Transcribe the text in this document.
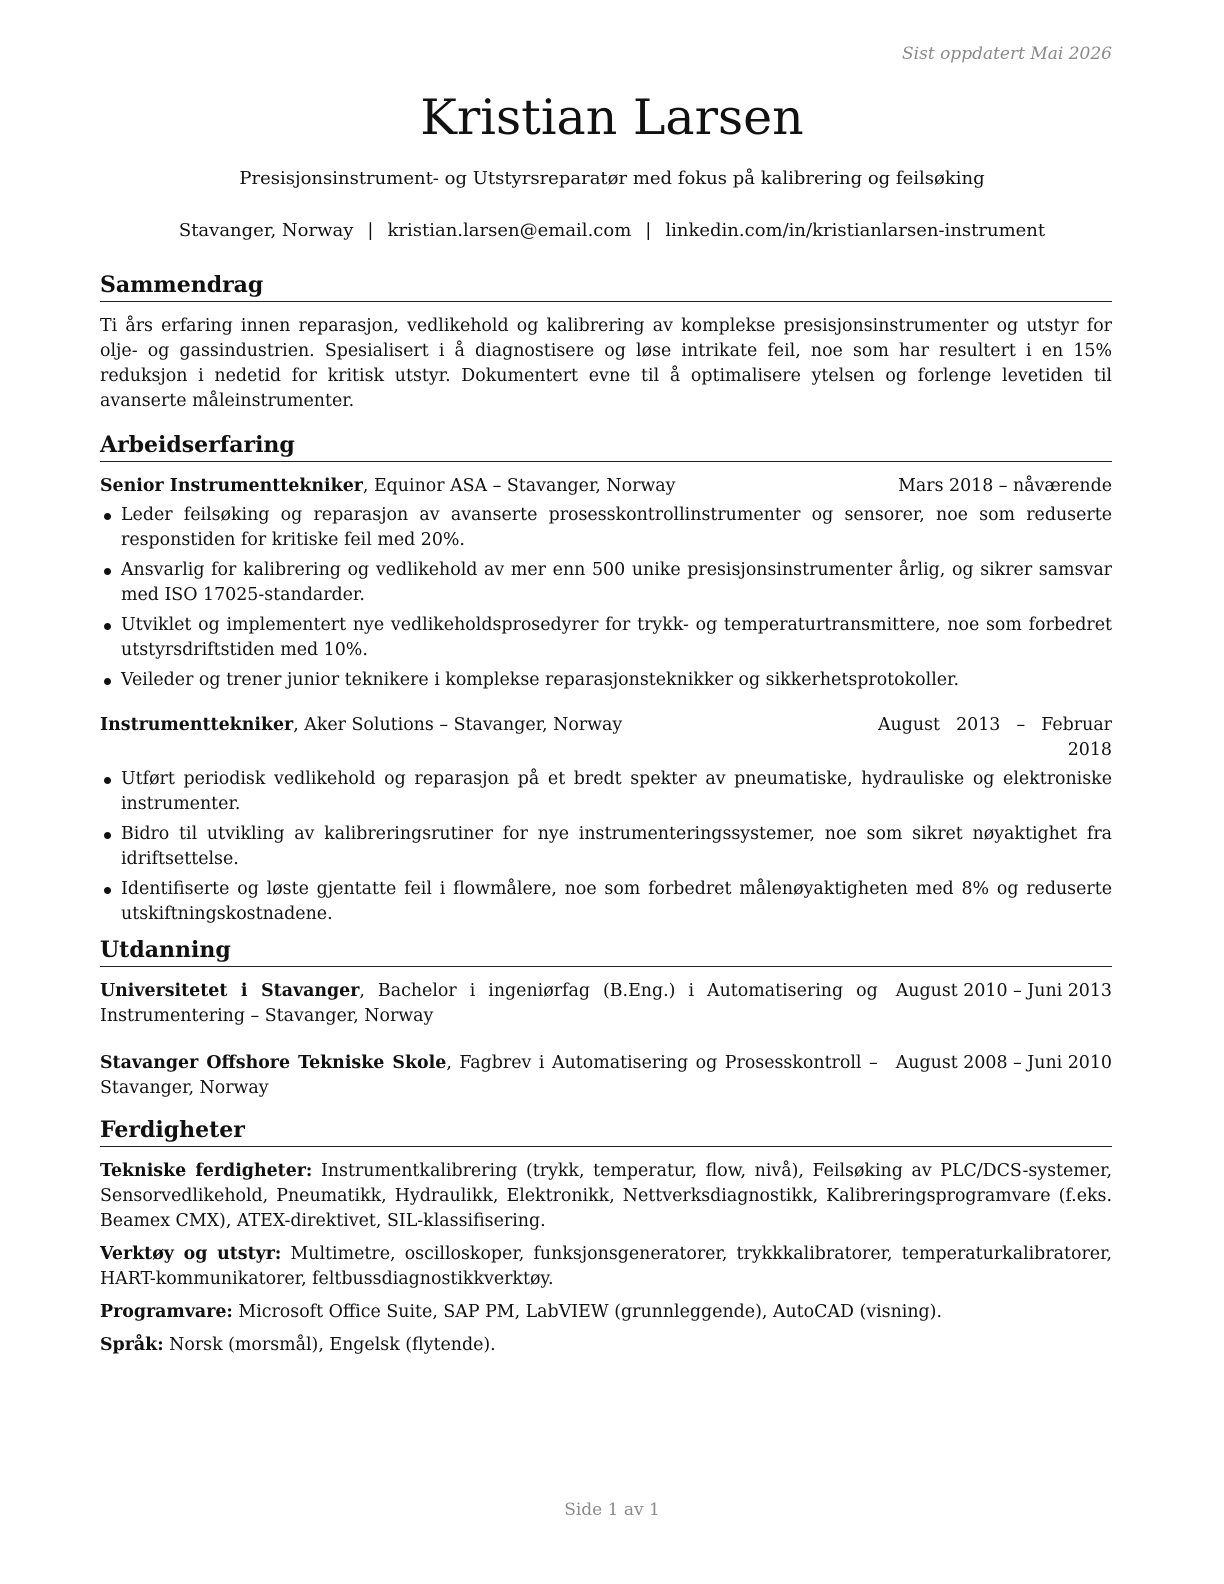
Sist oppdatert Mai 2026
Kristian Larsen
Presisjonsinstrument- og Utstyrsreparatør med fokus på kalibrering og feilsøking
Stavanger, Norway | kristian.larsen@email.com | linkedin.com/in/kristianlarsen-instrument
Sammendrag

Ti års erfaring innen reparasjon, vedlikehold og kalibrering av komplekse presisjonsinstrumenter og utstyr for olje- og gassindustrien. Spesialisert i å diagnostisere og løse intrikate feil, noe som har resultert i en 15% reduksjon i nedetid for kritisk utstyr. Dokumentert evne til å optimalisere ytelsen og forlenge levetiden til avanserte måleinstrumenter.

Arbeidserfaring
Senior Instrumenttekniker, Equinor ASA – Stavanger, Norway	Mars 2018 – nåværende
Leder feilsøking og reparasjon av avanserte prosesskontrollinstrumenter og sensorer, noe som reduserte responstiden for kritiske feil med 20%.
Ansvarlig for kalibrering og vedlikehold av mer enn 500 unike presisjonsinstrumenter årlig, og sikrer samsvar med ISO 17025-standarder.
Utviklet og implementert nye vedlikeholdsprosedyrer for trykk- og temperaturtransmittere, noe som forbedret utstyrsdriftstiden med 10%.
Veileder og trener junior teknikere i komplekse reparasjonsteknikker og sikkerhetsprotokoller.
Instrumenttekniker, Aker Solutions – Stavanger, Norway	August 2013 – Februar 2018
Utført periodisk vedlikehold og reparasjon på et bredt spekter av pneumatiske, hydrauliske og elektroniske instrumenter.
Bidro til utvikling av kalibreringsrutiner for nye instrumenteringssystemer, noe som sikret nøyaktighet fra idriftsettelse.
Identifiserte og løste gjentatte feil i flowmålere, noe som forbedret målenøyaktigheten med 8% og reduserte utskiftningskostnadene.
Utdanning
Universitetet i Stavanger, Bachelor i ingeniørfag (B.Eng.) i Automatisering og Instrumentering – Stavanger, Norway
August 2010 – Juni 2013
Stavanger Offshore Tekniske Skole, Fagbrev i Automatisering og Prosesskontroll – Stavanger, Norway
August 2008 – Juni 2010
Ferdigheter

Tekniske ferdigheter: Instrumentkalibrering (trykk, temperatur, flow, nivå), Feilsøking av PLC/DCS-systemer, Sensorvedlikehold, Pneumatikk, Hydraulikk, Elektronikk, Nettverksdiagnostikk, Kalibreringsprogramvare (f.eks. Beamex CMX), ATEX-direktivet, SIL-klassifisering.

Verktøy og utstyr: Multimetre, oscilloskoper, funksjonsgeneratorer, trykkkalibratorer, temperaturkalibratorer, HART-kommunikatorer, feltbussdiagnostikkverktøy.

Programvare: Microsoft Office Suite, SAP PM, LabVIEW (grunnleggende), AutoCAD (visning).

Språk: Norsk (morsmål), Engelsk (flytende).

Side 1 av 1
